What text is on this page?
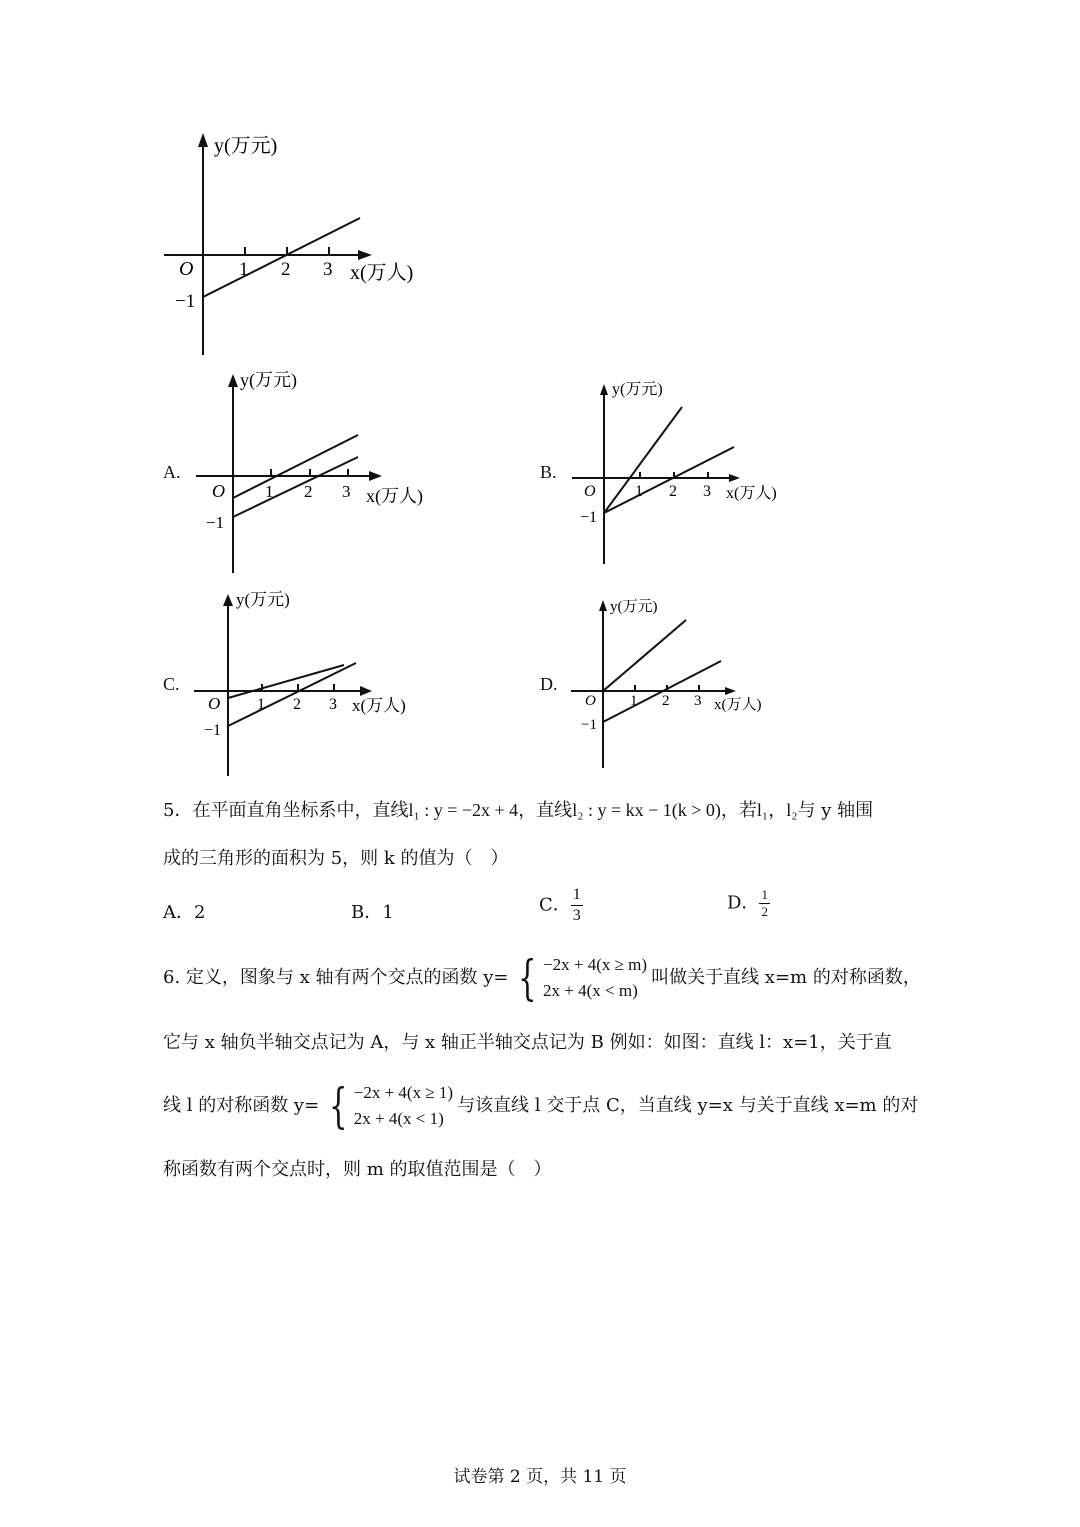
y(万元)
x(万人)
O 1 2 3
−1
A.
y(万元)
x(万人)
O 1 2 3
−1
B.
y(万元)
x(万人)
O 1 2 3
−1
C.
y(万元)
x(万人)
O 1 2 3
−1
D.
y(万元)
x(万人)
O 1 2 3
−1
5．在平面直角坐标系中，直线l₁ : y = −2x + 4，直线l₂ : y = kx − 1(k > 0)，若l₁，l₂与 y 轴围
成的三角形的面积为 5，则 k 的值为（　）
A．2	B．1	C． $\frac{1}{3}$	D． $\frac{1}{2}$
6. 定义，图象与 x 轴有两个交点的函数 y= { −2x + 4(x ≥ m)
2x + 4(x < m)
叫做关于直线 x=m 的对称函数，
它与 x 轴负半轴交点记为 A，与 x 轴正半轴交点记为 B 例如：如图：直线 l：x=1，关于直
线 l 的对称函数 y= { −2x + 4(x ≥ 1)
2x + 4(x < 1)
与该直线 l 交于点 C，当直线 y=x 与关于直线 x=m 的对
称函数有两个交点时，则 m 的取值范围是（　）
试卷第 2 页，共 11 页
